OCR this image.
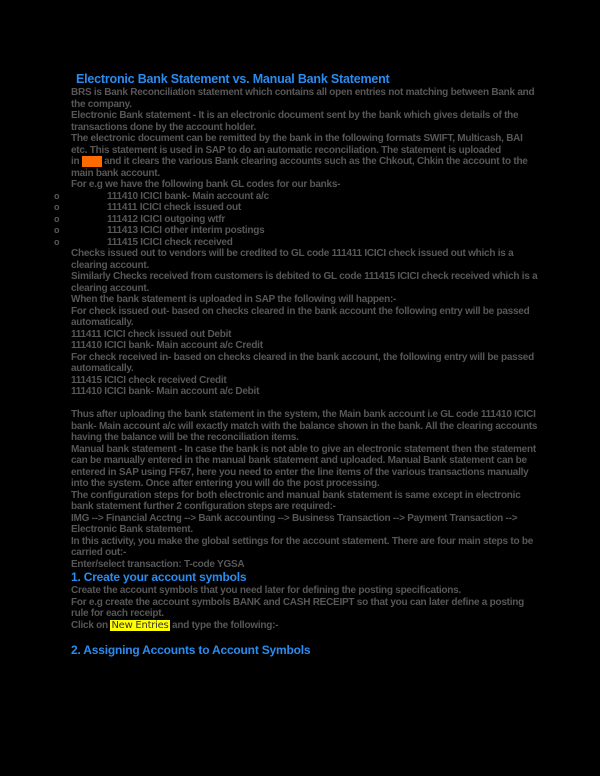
Electronic Bank Statement vs. Manual Bank Statement

BRS is Bank Reconciliation statement which contains all open entries not matching between Bank and the company.

Electronic Bank statement - It is an electronic document sent by the bank which gives details of the transactions done by the account holder.

The electronic document can be remitted by the bank in the following formats SWIFT, Multicash, BAI etc. This statement is used in SAP to do an automatic reconciliation. The statement is uploaded

in SAP and it clears the various Bank clearing accounts such as the Chkout, Chkin the account to the main bank account.

For e.g we have the following bank GL codes for our banks-

o	111410 ICICI bank- Main account a/c

o	111411 ICICI check issued out

o	111412 ICICI outgoing wtfr

o	111413 ICICI other interim postings

o	111415 ICICI check received

Checks issued out to vendors will be credited to GL code 111411 ICICI check issued out which is a clearing account.

Similarly Checks received from customers is debited to GL code 111415 ICICI check received which is a clearing account.

When the bank statement is uploaded in SAP the following will happen:-

For check issued out- based on checks cleared in the bank account the following entry will be passed automatically.

111411 ICICI check issued out Debit

111410 ICICI bank- Main account a/c Credit

For check received in- based on checks cleared in the bank account, the following entry will be passed automatically.

111415 ICICI check received Credit

111410 ICICI bank- Main account a/c Debit

Thus after uploading the bank statement in the system, the Main bank account i.e GL code 111410 ICICI bank- Main account a/c will exactly match with the balance shown in the bank. All the clearing accounts having the balance will be the reconciliation items.

Manual bank statement - In case the bank is not able to give an electronic statement then the statement can be manually entered in the manual bank statement and uploaded. Manual Bank statement can be entered in SAP using FF67, here you need to enter the line items of the various transactions manually into the system. Once after entering you will do the post processing.

The configuration steps for both electronic and manual bank statement is same except in electronic bank statement further 2 configuration steps are required:-

IMG --> Financial Acctng --> Bank accounting --> Business Transaction --> Payment Transaction --> Electronic Bank statement.

In this activity, you make the global settings for the account statement. There are four main steps to be carried out:-

Enter/select transaction: T-code YGSA

1. Create your account symbols

Create the account symbols that you need later for defining the posting specifications.

For e.g create the account symbols BANK and CASH RECEIPT so that you can later define a posting rule for each receipt.

Click on New Entries and type the following:-

2. Assigning Accounts to Account Symbols
